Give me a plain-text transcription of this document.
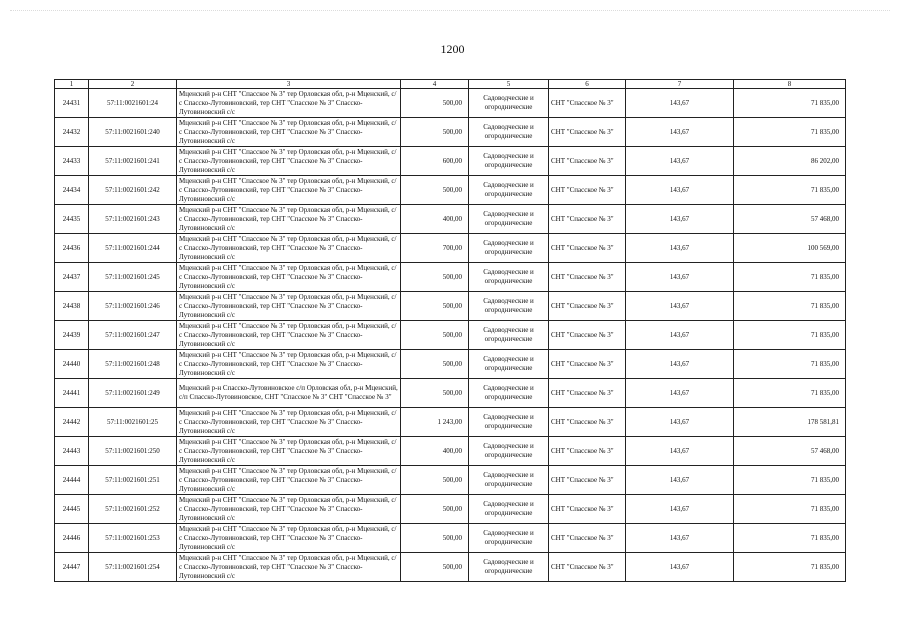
1200
1	2	3	4	5	6	7	8
24431	57:11:0021601:24	Мценский р-н СНТ "Спасское № 3" тер Орловская обл, р-н Мценский, с/с Спасско-Лутовиновский, тер СНТ "Спасское № 3" Спасско-Лутовиновский с/с	500,00	Садоводческие и огороднические	СНТ "Спасское № 3"	143,67	71 835,00
24432	57:11:0021601:240	Мценский р-н СНТ "Спасское № 3" тер Орловская обл, р-н Мценский, с/с Спасско-Лутовиновский, тер СНТ "Спасское № 3" Спасско-Лутовиновский с/с	500,00	Садоводческие и огороднические	СНТ "Спасское № 3"	143,67	71 835,00
24433	57:11:0021601:241	Мценский р-н СНТ "Спасское № 3" тер Орловская обл, р-н Мценский, с/с Спасско-Лутовиновский, тер СНТ "Спасское № 3" Спасско-Лутовиновский с/с	600,00	Садоводческие и огороднические	СНТ "Спасское № 3"	143,67	86 202,00
24434	57:11:0021601:242	Мценский р-н СНТ "Спасское № 3" тер Орловская обл, р-н Мценский, с/с Спасско-Лутовиновский, тер СНТ "Спасское № 3" Спасско-Лутовиновский с/с	500,00	Садоводческие и огороднические	СНТ "Спасское № 3"	143,67	71 835,00
24435	57:11:0021601:243	Мценский р-н СНТ "Спасское № 3" тер Орловская обл, р-н Мценский, с/с Спасско-Лутовиновский, тер СНТ "Спасское № 3" Спасско-Лутовиновский с/с	400,00	Садоводческие и огороднические	СНТ "Спасское № 3"	143,67	57 468,00
24436	57:11:0021601:244	Мценский р-н СНТ "Спасское № 3" тер Орловская обл, р-н Мценский, с/с Спасско-Лутовиновский, тер СНТ "Спасское № 3" Спасско-Лутовиновский с/с	700,00	Садоводческие и огороднические	СНТ "Спасское № 3"	143,67	100 569,00
24437	57:11:0021601:245	Мценский р-н СНТ "Спасское № 3" тер Орловская обл, р-н Мценский, с/с Спасско-Лутовиновский, тер СНТ "Спасское № 3" Спасско-Лутовиновский с/с	500,00	Садоводческие и огороднические	СНТ "Спасское № 3"	143,67	71 835,00
24438	57:11:0021601:246	Мценский р-н СНТ "Спасское № 3" тер Орловская обл, р-н Мценский, с/с Спасско-Лутовиновский, тер СНТ "Спасское № 3" Спасско-Лутовиновский с/с	500,00	Садоводческие и огороднические	СНТ "Спасское № 3"	143,67	71 835,00
24439	57:11:0021601:247	Мценский р-н СНТ "Спасское № 3" тер Орловская обл, р-н Мценский, с/с Спасско-Лутовиновский, тер СНТ "Спасское № 3" Спасско-Лутовиновский с/с	500,00	Садоводческие и огороднические	СНТ "Спасское № 3"	143,67	71 835,00
24440	57:11:0021601:248	Мценский р-н СНТ "Спасское № 3" тер Орловская обл, р-н Мценский, с/с Спасско-Лутовиновский, тер СНТ "Спасское № 3" Спасско-Лутовиновский с/с	500,00	Садоводческие и огороднические	СНТ "Спасское № 3"	143,67	71 835,00
24441	57:11:0021601:249	Мценский р-н Спасско-Лутовиновское с/п Орловская обл, р-н Мценский, с/п Спасско-Лутовиновское, СНТ "Спасское № 3" СНТ "Спасское № 3"	500,00	Садоводческие и огороднические	СНТ "Спасское № 3"	143,67	71 835,00
24442	57:11:0021601:25	Мценский р-н СНТ "Спасское № 3" тер Орловская обл, р-н Мценский, с/с Спасско-Лутовиновский, тер СНТ "Спасское № 3" Спасско-Лутовиновский с/с	1 243,00	Садоводческие и огороднические	СНТ "Спасское № 3"	143,67	178 581,81
24443	57:11:0021601:250	Мценский р-н СНТ "Спасское № 3" тер Орловская обл, р-н Мценский, с/с Спасско-Лутовиновский, тер СНТ "Спасское № 3" Спасско-Лутовиновский с/с	400,00	Садоводческие и огороднические	СНТ "Спасское № 3"	143,67	57 468,00
24444	57:11:0021601:251	Мценский р-н СНТ "Спасское № 3" тер Орловская обл, р-н Мценский, с/с Спасско-Лутовиновский, тер СНТ "Спасское № 3" Спасско-Лутовиновский с/с	500,00	Садоводческие и огороднические	СНТ "Спасское № 3"	143,67	71 835,00
24445	57:11:0021601:252	Мценский р-н СНТ "Спасское № 3" тер Орловская обл, р-н Мценский, с/с Спасско-Лутовиновский, тер СНТ "Спасское № 3" Спасско-Лутовиновский с/с	500,00	Садоводческие и огороднические	СНТ "Спасское № 3"	143,67	71 835,00
24446	57:11:0021601:253	Мценский р-н СНТ "Спасское № 3" тер Орловская обл, р-н Мценский, с/с Спасско-Лутовиновский, тер СНТ "Спасское № 3" Спасско-Лутовиновский с/с	500,00	Садоводческие и огороднические	СНТ "Спасское № 3"	143,67	71 835,00
24447	57:11:0021601:254	Мценский р-н СНТ "Спасское № 3" тер Орловская обл, р-н Мценский, с/с Спасско-Лутовиновский, тер СНТ "Спасское № 3" Спасско-Лутовиновский с/с	500,00	Садоводческие и огороднические	СНТ "Спасское № 3"	143,67	71 835,00
